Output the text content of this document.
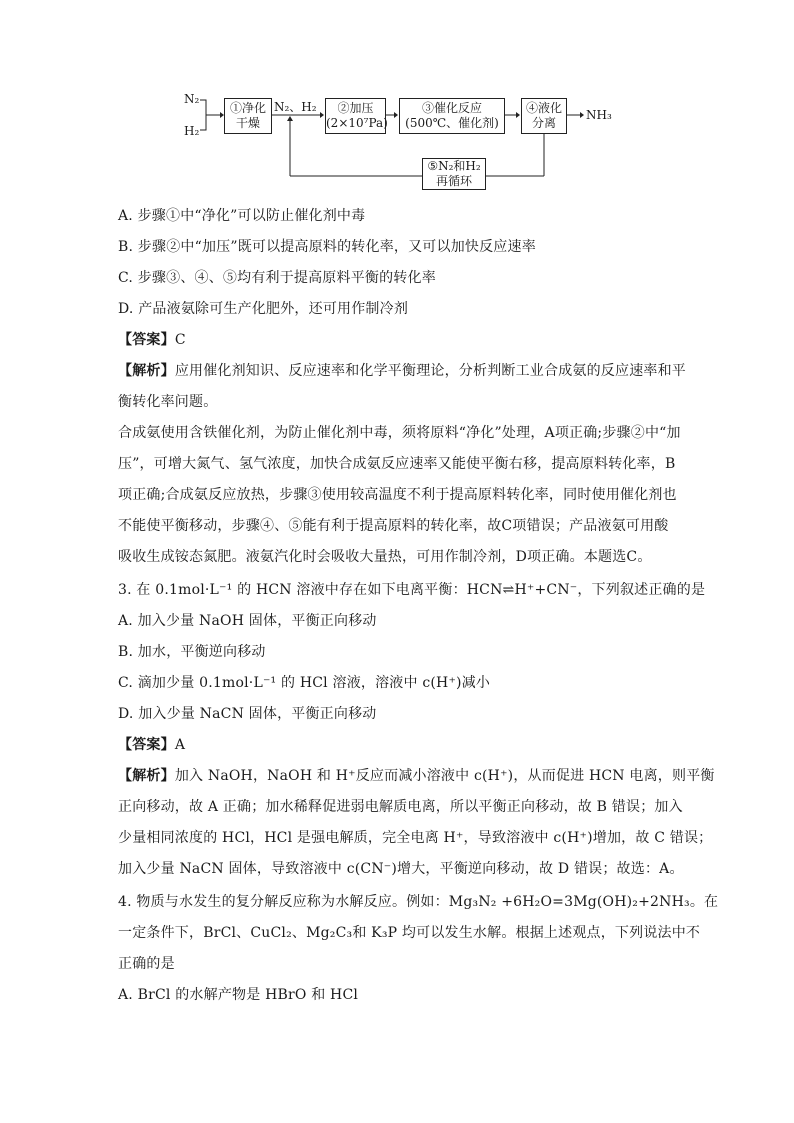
N₂
H₂
①净化
干燥
N₂、H₂	②加压
(2×10⁷Pa)
③催化反应
(500℃、催化剂)
④液化
分离
NH₃
⑤N₂和H₂
再循环
A. 步骤①中“净化”可以防止催化剂中毒
B. 步骤②中“加压”既可以提高原料的转化率，又可以加快反应速率
C. 步骤③、④、⑤均有利于提高原料平衡的转化率
D. 产品液氨除可生产化肥外，还可用作制冷剂
【答案】C
【解析】应用催化剂知识、反应速率和化学平衡理论，分析判断工业合成氨的反应速率和平
衡转化率问题。
合成氨使用含铁催化剂，为防止催化剂中毒，须将原料“净化”处理，A项正确;步骤②中“加
压”，可增大氮气、氢气浓度，加快合成氨反应速率又能使平衡右移，提高原料转化率，B
项正确;合成氨反应放热，步骤③使用较高温度不利于提高原料转化率，同时使用催化剂也
不能使平衡移动，步骤④、⑤能有利于提高原料的转化率，故C项错误；产品液氨可用酸
吸收生成铵态氮肥。液氨汽化时会吸收大量热，可用作制冷剂，D项正确。本题选C。
3. 在 0.1mol·L⁻¹ 的 HCN 溶液中存在如下电离平衡：HCN⇌H⁺+CN⁻，下列叙述正确的是
A. 加入少量 NaOH 固体，平衡正向移动
B. 加水，平衡逆向移动
C. 滴加少量 0.1mol·L⁻¹ 的 HCl 溶液，溶液中 c(H⁺)减小
D. 加入少量 NaCN 固体，平衡正向移动
【答案】A
【解析】加入 NaOH，NaOH 和 H⁺反应而减小溶液中 c(H⁺)，从而促进 HCN 电离，则平衡
正向移动，故 A 正确；加水稀释促进弱电解质电离，所以平衡正向移动，故 B 错误；加入
少量相同浓度的 HCl，HCl 是强电解质，完全电离 H⁺，导致溶液中 c(H⁺)增加，故 C 错误；
加入少量 NaCN 固体，导致溶液中 c(CN⁻)增大，平衡逆向移动，故 D 错误；故选：A。
4. 物质与水发生的复分解反应称为水解反应。例如：Mg₃N₂ +6H₂O=3Mg(OH)₂+2NH₃。在
一定条件下，BrCl、CuCl₂、Mg₂C₃和 K₃P 均可以发生水解。根据上述观点，下列说法中不
正确的是
A. BrCl 的水解产物是 HBrO 和 HCl
